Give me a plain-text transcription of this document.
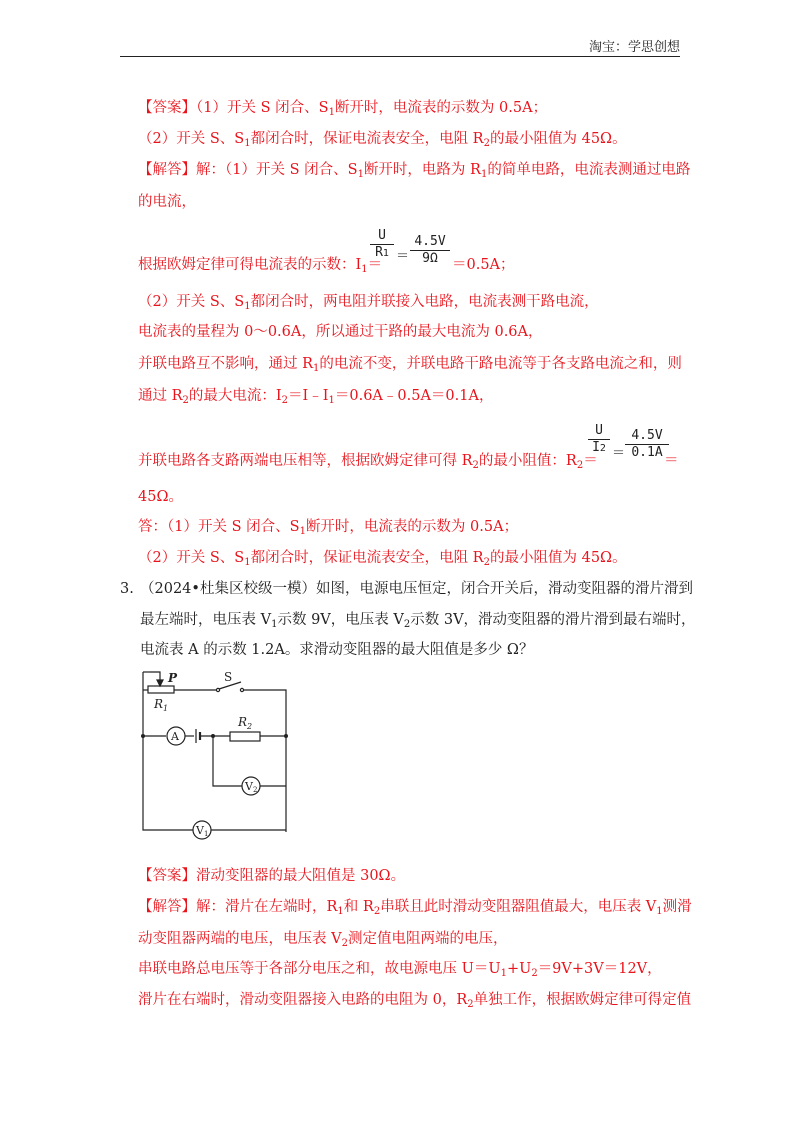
淘宝：学思创想
【答案】（1）开关 S 闭合、$S_1$断开时，电流表的示数为 0.5A；
（2）开关 S、$S_1$都闭合时，保证电流表安全，电阻 $R_2$的最小阻值为 45Ω。
【解答】解：（1）开关 S 闭合、$S_1$断开时，电路为 $R_1$的简单电路，电流表测通过电路
的电流，
根据欧姆定律可得电流表的示数：$I_1=$
$\frac{U}{R1} = \frac{4.5V}{9\Omega} =0.5A$；
（2）开关 S、$S_1$都闭合时，两电阻并联接入电路，电流表测干路电流，
电流表的量程为 0～0.6A，所以通过干路的最大电流为 0.6A，
并联电路互不影响，通过 $R_1$的电流不变，并联电路干路电流等于各支路电流之和，则
通过 $R_2$的最大电流：$I_2=I﹣I_1=0.6A﹣0.5A=0.1A$，
并联电路各支路两端电压相等，根据欧姆定律可得 $R_2$的最小阻值：$R_2=$
$\frac{U}{I2} = \frac{4.5V}{0.1A}$
＝
45Ω。
答：（1）开关 S 闭合、$S_1$断开时，电流表的示数为 0.5A；
（2）开关 S、$S_1$都闭合时，保证电流表安全，电阻 $R_2$的最小阻值为 45Ω。
3. （2024•杜集区校级一模）如图，电源电压恒定，闭合开关后，滑动变阻器的滑片滑到
最左端时，电压表 $V_1$示数 9V，电压表 $V_2$示数 3V，滑动变阻器的滑片滑到最右端时，
电流表 A 的示数 1.2A。求滑动变阻器的最大阻值是多少 Ω？
P
$R_1$
S
$R_2$
A
V2
V1
【答案】滑动变阻器的最大阻值是 30Ω。
【解答】解：滑片在左端时，$R_1$和 $R_2$串联且此时滑动变阻器阻值最大，电压表 $V_1$测滑
动变阻器两端的电压，电压表 $V_2$测定值电阻两端的电压，
串联电路总电压等于各部分电压之和，故电源电压 $U=U_1+U_2=9V+3V=12V$，
滑片在右端时，滑动变阻器接入电路的电阻为 0，$R_2$单独工作，根据欧姆定律可得定值
